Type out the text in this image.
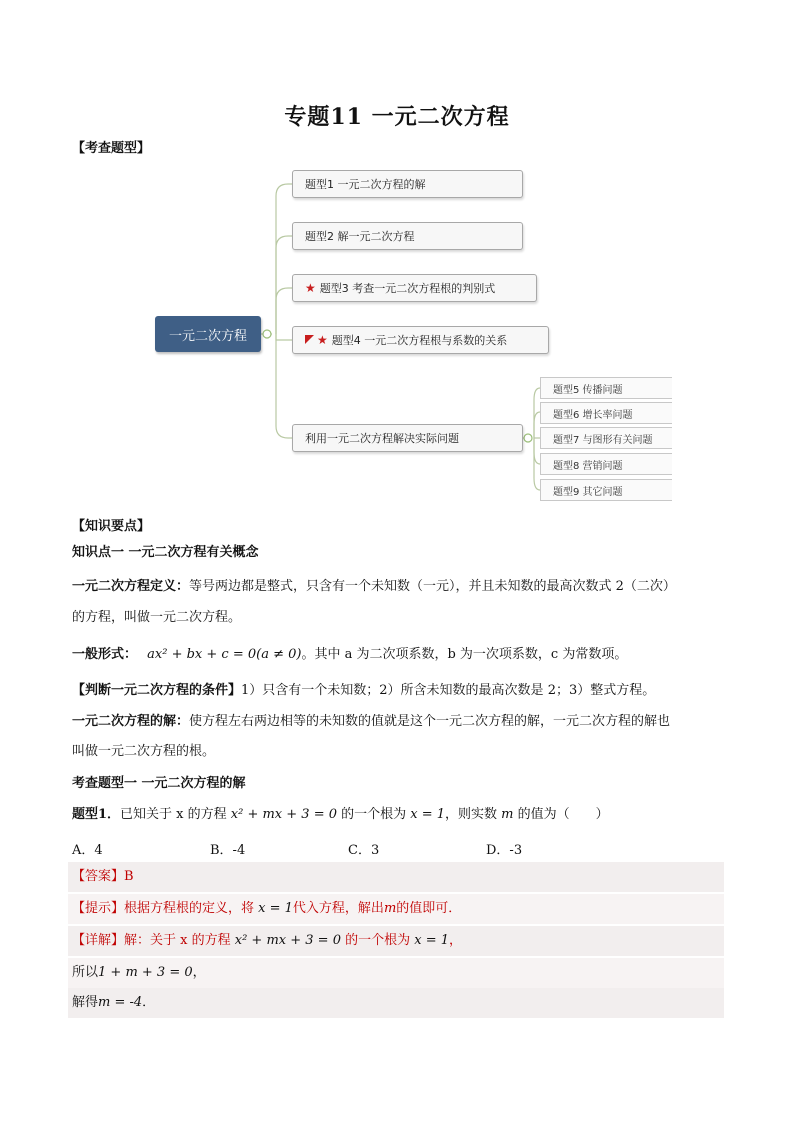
专题11 一元二次方程
【考查题型】
一元二次方程
题型1 一元二次方程的解
题型2 解一元二次方程
★ 题型3 考查一元二次方程根的判别式
★ 题型4 一元二次方程根与系数的关系
利用一元二次方程解决实际问题
题型5 传播问题
题型6 增长率问题
题型7 与图形有关问题
题型8 营销问题
题型9 其它问题
【知识要点】
知识点一 一元二次方程有关概念
一元二次方程定义：等号两边都是整式，只含有一个未知数（一元），并且未知数的最高次数式 2（二次）
的方程，叫做一元二次方程。
一般形式： ax² + bx + c = 0(a ≠ 0)。其中 a 为二次项系数，b 为一次项系数，c 为常数项。
【判断一元二次方程的条件】1）只含有一个未知数；2）所含未知数的最高次数是 2；3）整式方程。
一元二次方程的解：使方程左右两边相等的未知数的值就是这个一元二次方程的解，一元二次方程的解也
叫做一元二次方程的根。
考查题型一 一元二次方程的解
题型1．已知关于 x 的方程 x² + mx + 3 = 0 的一个根为 x = 1，则实数 m 的值为（　　）
A．4	B．-4	C．3	D．-3
【答案】B
【提示】根据方程根的定义，将 x = 1代入方程，解出m的值即可．
【详解】解：关于 x 的方程 x² + mx + 3 = 0 的一个根为 x = 1，
所以1 + m + 3 = 0，
解得m = -4．
